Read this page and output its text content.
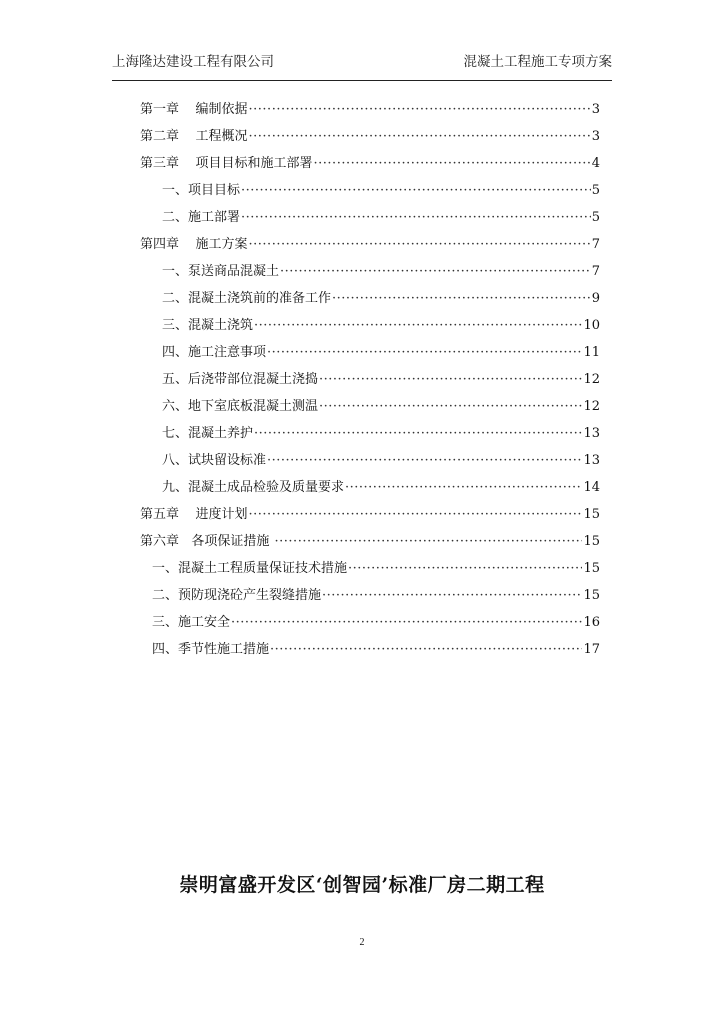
上海隆达建设工程有限公司	混凝土工程施工专项方案
第一章    编制依据 ·····	3
第二章    工程概况 ·····	3
第三章    项目目标和施工部署 ·····	4
一、项目目标 ·····	5
二、施工部署 ·····	5
第四章    施工方案 ·····	7
一、泵送商品混凝土 ·····	7
二、混凝土浇筑前的准备工作 ·····	9
三、混凝土浇筑 ·····	10
四、施工注意事项 ·····	11
五、后浇带部位混凝土浇捣 ·····	12
六、地下室底板混凝土测温 ·····	12
七、混凝土养护 ·····	13
八、试块留设标准 ·····	13
九、混凝土成品检验及质量要求 ·····	14
第五章    进度计划 ·····	15
第六章   各项保证措施 ·····	15
一、混凝土工程质量保证技术措施 ·····	15
二、预防现浇砼产生裂缝措施 ·····	15
三、施工安全 ·····	16
四、季节性施工措施 ·····	17
崇明富盛开发区‘创智园’标准厂房二期工程
2
